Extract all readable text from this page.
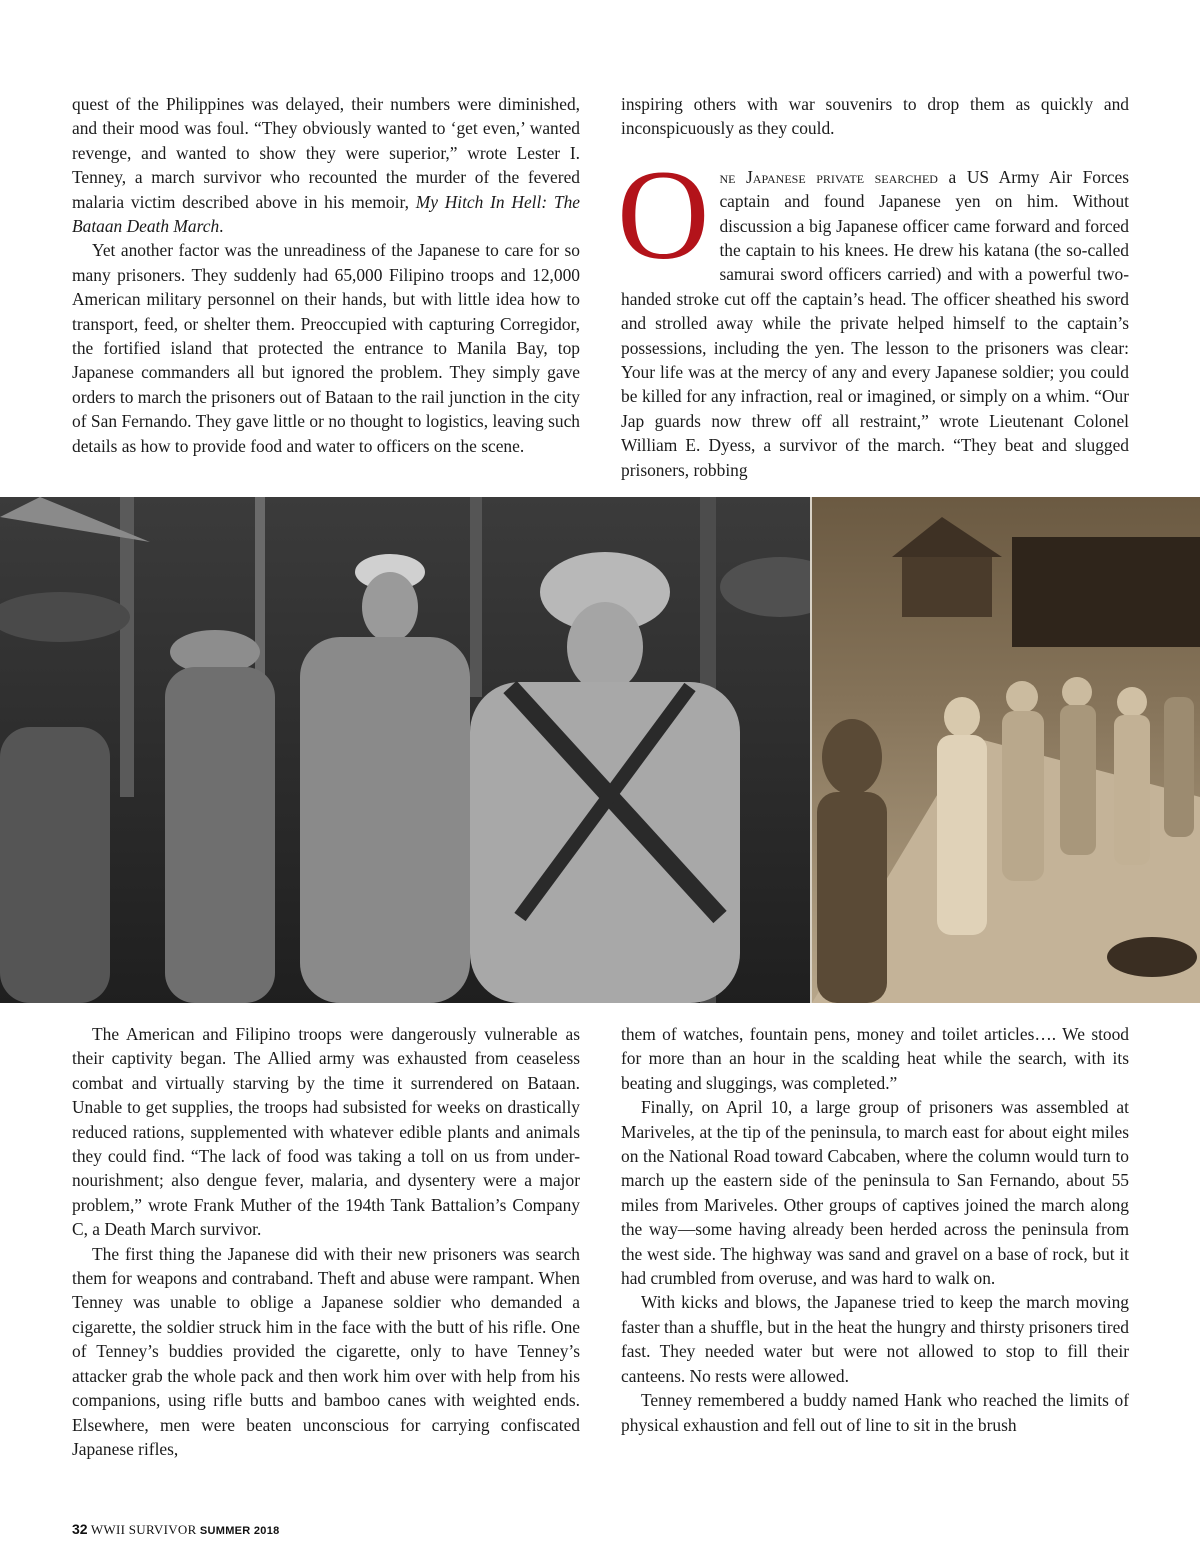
quest of the Philippines was delayed, their numbers were diminished, and their mood was foul. “They obviously wanted to ‘get even,’ wanted revenge, and wanted to show they were superior,” wrote Lester I. Tenney, a march survivor who recounted the murder of the fevered malaria victim described above in his memoir, My Hitch In Hell: The Bataan Death March.

Yet another factor was the unreadiness of the Japanese to care for so many prisoners. They suddenly had 65,000 Filipino troops and 12,000 American military personnel on their hands, but with little idea how to transport, feed, or shelter them. Preoccupied with capturing Corregidor, the fortified island that protected the entrance to Manila Bay, top Japanese commanders all but ignored the problem. They simply gave orders to march the prisoners out of Bataan to the rail junction in the city of San Fernando. They gave little or no thought to logistics, leaving such details as how to provide food and water to officers on the scene.

inspiring others with war souvenirs to drop them as quickly and inconspicuously as they could.

One Japanese private searched a US Army Air Forces captain and found Japanese yen on him. Without discussion a big Japanese officer came forward and forced the captain to his knees. He drew his katana (the so-called samurai sword officers carried) and with a powerful two-handed stroke cut off the captain’s head. The officer sheathed his sword and strolled away while the private helped himself to the captain’s possessions, including the yen. The lesson to the prisoners was clear: Your life was at the mercy of any and every Japanese soldier; you could be killed for any infraction, real or imagined, or simply on a whim. “Our Jap guards now threw off all restraint,” wrote Lieutenant Colonel William E. Dyess, a survivor of the march. “They beat and slugged prisoners, robbing

The American and Filipino troops were dangerously vulnerable as their captivity began. The Allied army was exhausted from ceaseless combat and virtually starving by the time it surrendered on Bataan. Unable to get supplies, the troops had subsisted for weeks on drastically reduced rations, supplemented with whatever edible plants and animals they could find. “The lack of food was taking a toll on us from under-nourishment; also dengue fever, malaria, and dysentery were a major problem,” wrote Frank Muther of the 194th Tank Battalion’s Company C, a Death March survivor.

The first thing the Japanese did with their new prisoners was search them for weapons and contraband. Theft and abuse were rampant. When Tenney was unable to oblige a Japanese soldier who demanded a cigarette, the soldier struck him in the face with the butt of his rifle. One of Tenney’s buddies provided the cigarette, only to have Tenney’s attacker grab the whole pack and then work him over with help from his companions, using rifle butts and bamboo canes with weighted ends. Elsewhere, men were beaten unconscious for carrying confiscated Japanese rifles,

them of watches, fountain pens, money and toilet articles…. We stood for more than an hour in the scalding heat while the search, with its beating and sluggings, was completed.”

Finally, on April 10, a large group of prisoners was assembled at Mariveles, at the tip of the peninsula, to march east for about eight miles on the National Road toward Cabcaben, where the column would turn to march up the eastern side of the peninsula to San Fernando, about 55 miles from Mariveles. Other groups of captives joined the march along the way—some having already been herded across the peninsula from the west side. The highway was sand and gravel on a base of rock, but it had crumbled from overuse, and was hard to walk on.

With kicks and blows, the Japanese tried to keep the march moving faster than a shuffle, but in the heat the hungry and thirsty prisoners tired fast. They needed water but were not allowed to stop to fill their canteens. No rests were allowed.

Tenney remembered a buddy named Hank who reached the limits of physical exhaustion and fell out of line to sit in the brush

32 WWII SURVIVOR SUMMER 2018
